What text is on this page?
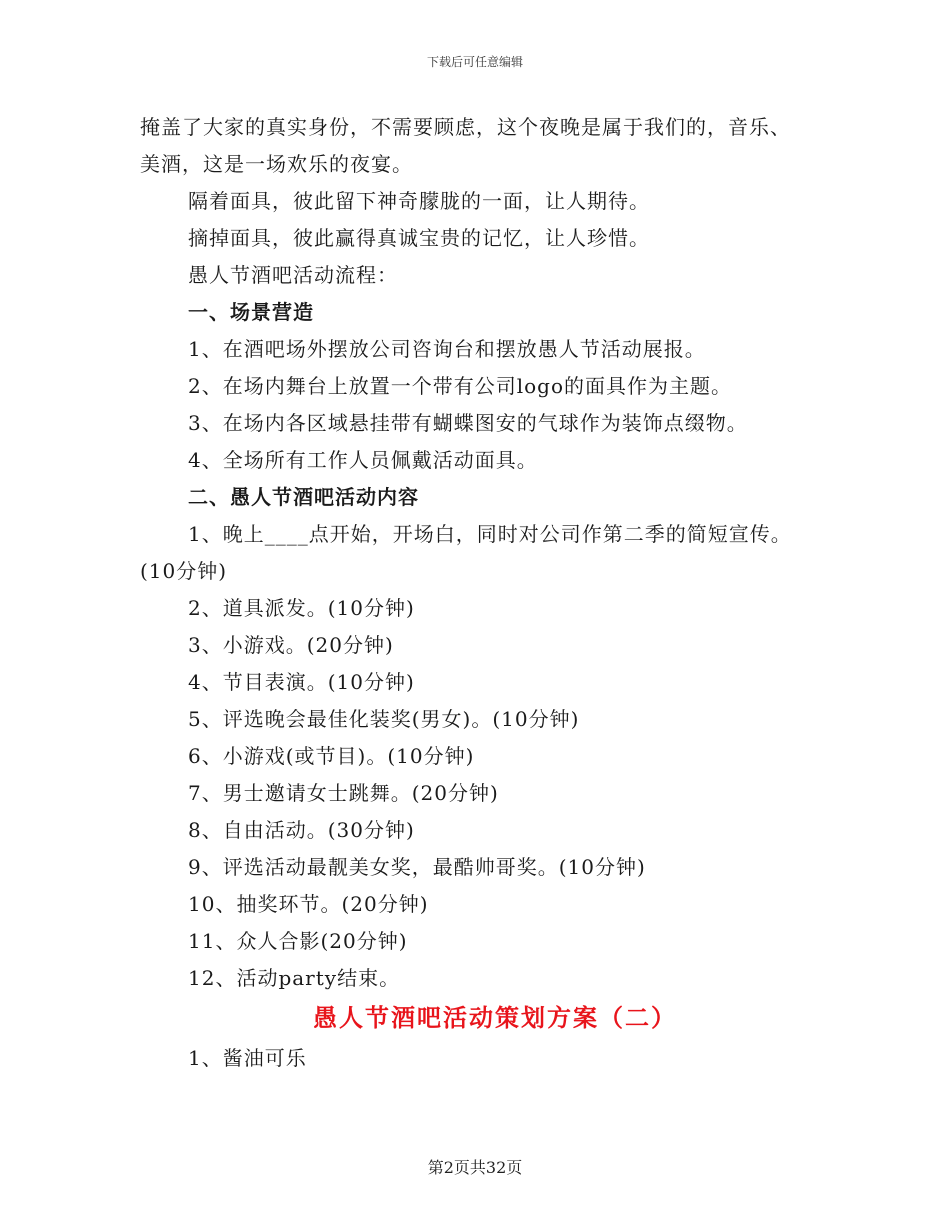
下载后可任意编辑
掩盖了大家的真实身份，不需要顾虑，这个夜晚是属于我们的，音乐、
美酒，这是一场欢乐的夜宴。
隔着面具，彼此留下神奇朦胧的一面，让人期待。
摘掉面具，彼此赢得真诚宝贵的记忆，让人珍惜。
愚人节酒吧活动流程：
一、场景营造
1、在酒吧场外摆放公司咨询台和摆放愚人节活动展报。
2、在场内舞台上放置一个带有公司logo的面具作为主题。
3、在场内各区域悬挂带有蝴蝶图安的气球作为装饰点缀物。
4、全场所有工作人员佩戴活动面具。
二、愚人节酒吧活动内容
1、晚上____点开始，开场白，同时对公司作第二季的简短宣传。
(10分钟)
2、道具派发。(10分钟)
3、小游戏。(20分钟)
4、节目表演。(10分钟)
5、评选晚会最佳化装奖(男女)。(10分钟)
6、小游戏(或节目)。(10分钟)
7、男士邀请女士跳舞。(20分钟)
8、自由活动。(30分钟)
9、评选活动最靓美女奖，最酷帅哥奖。(10分钟)
10、抽奖环节。(20分钟)
11、众人合影(20分钟)
12、活动party结束。
愚人节酒吧活动策划方案（二）
1、酱油可乐
第2页共32页
